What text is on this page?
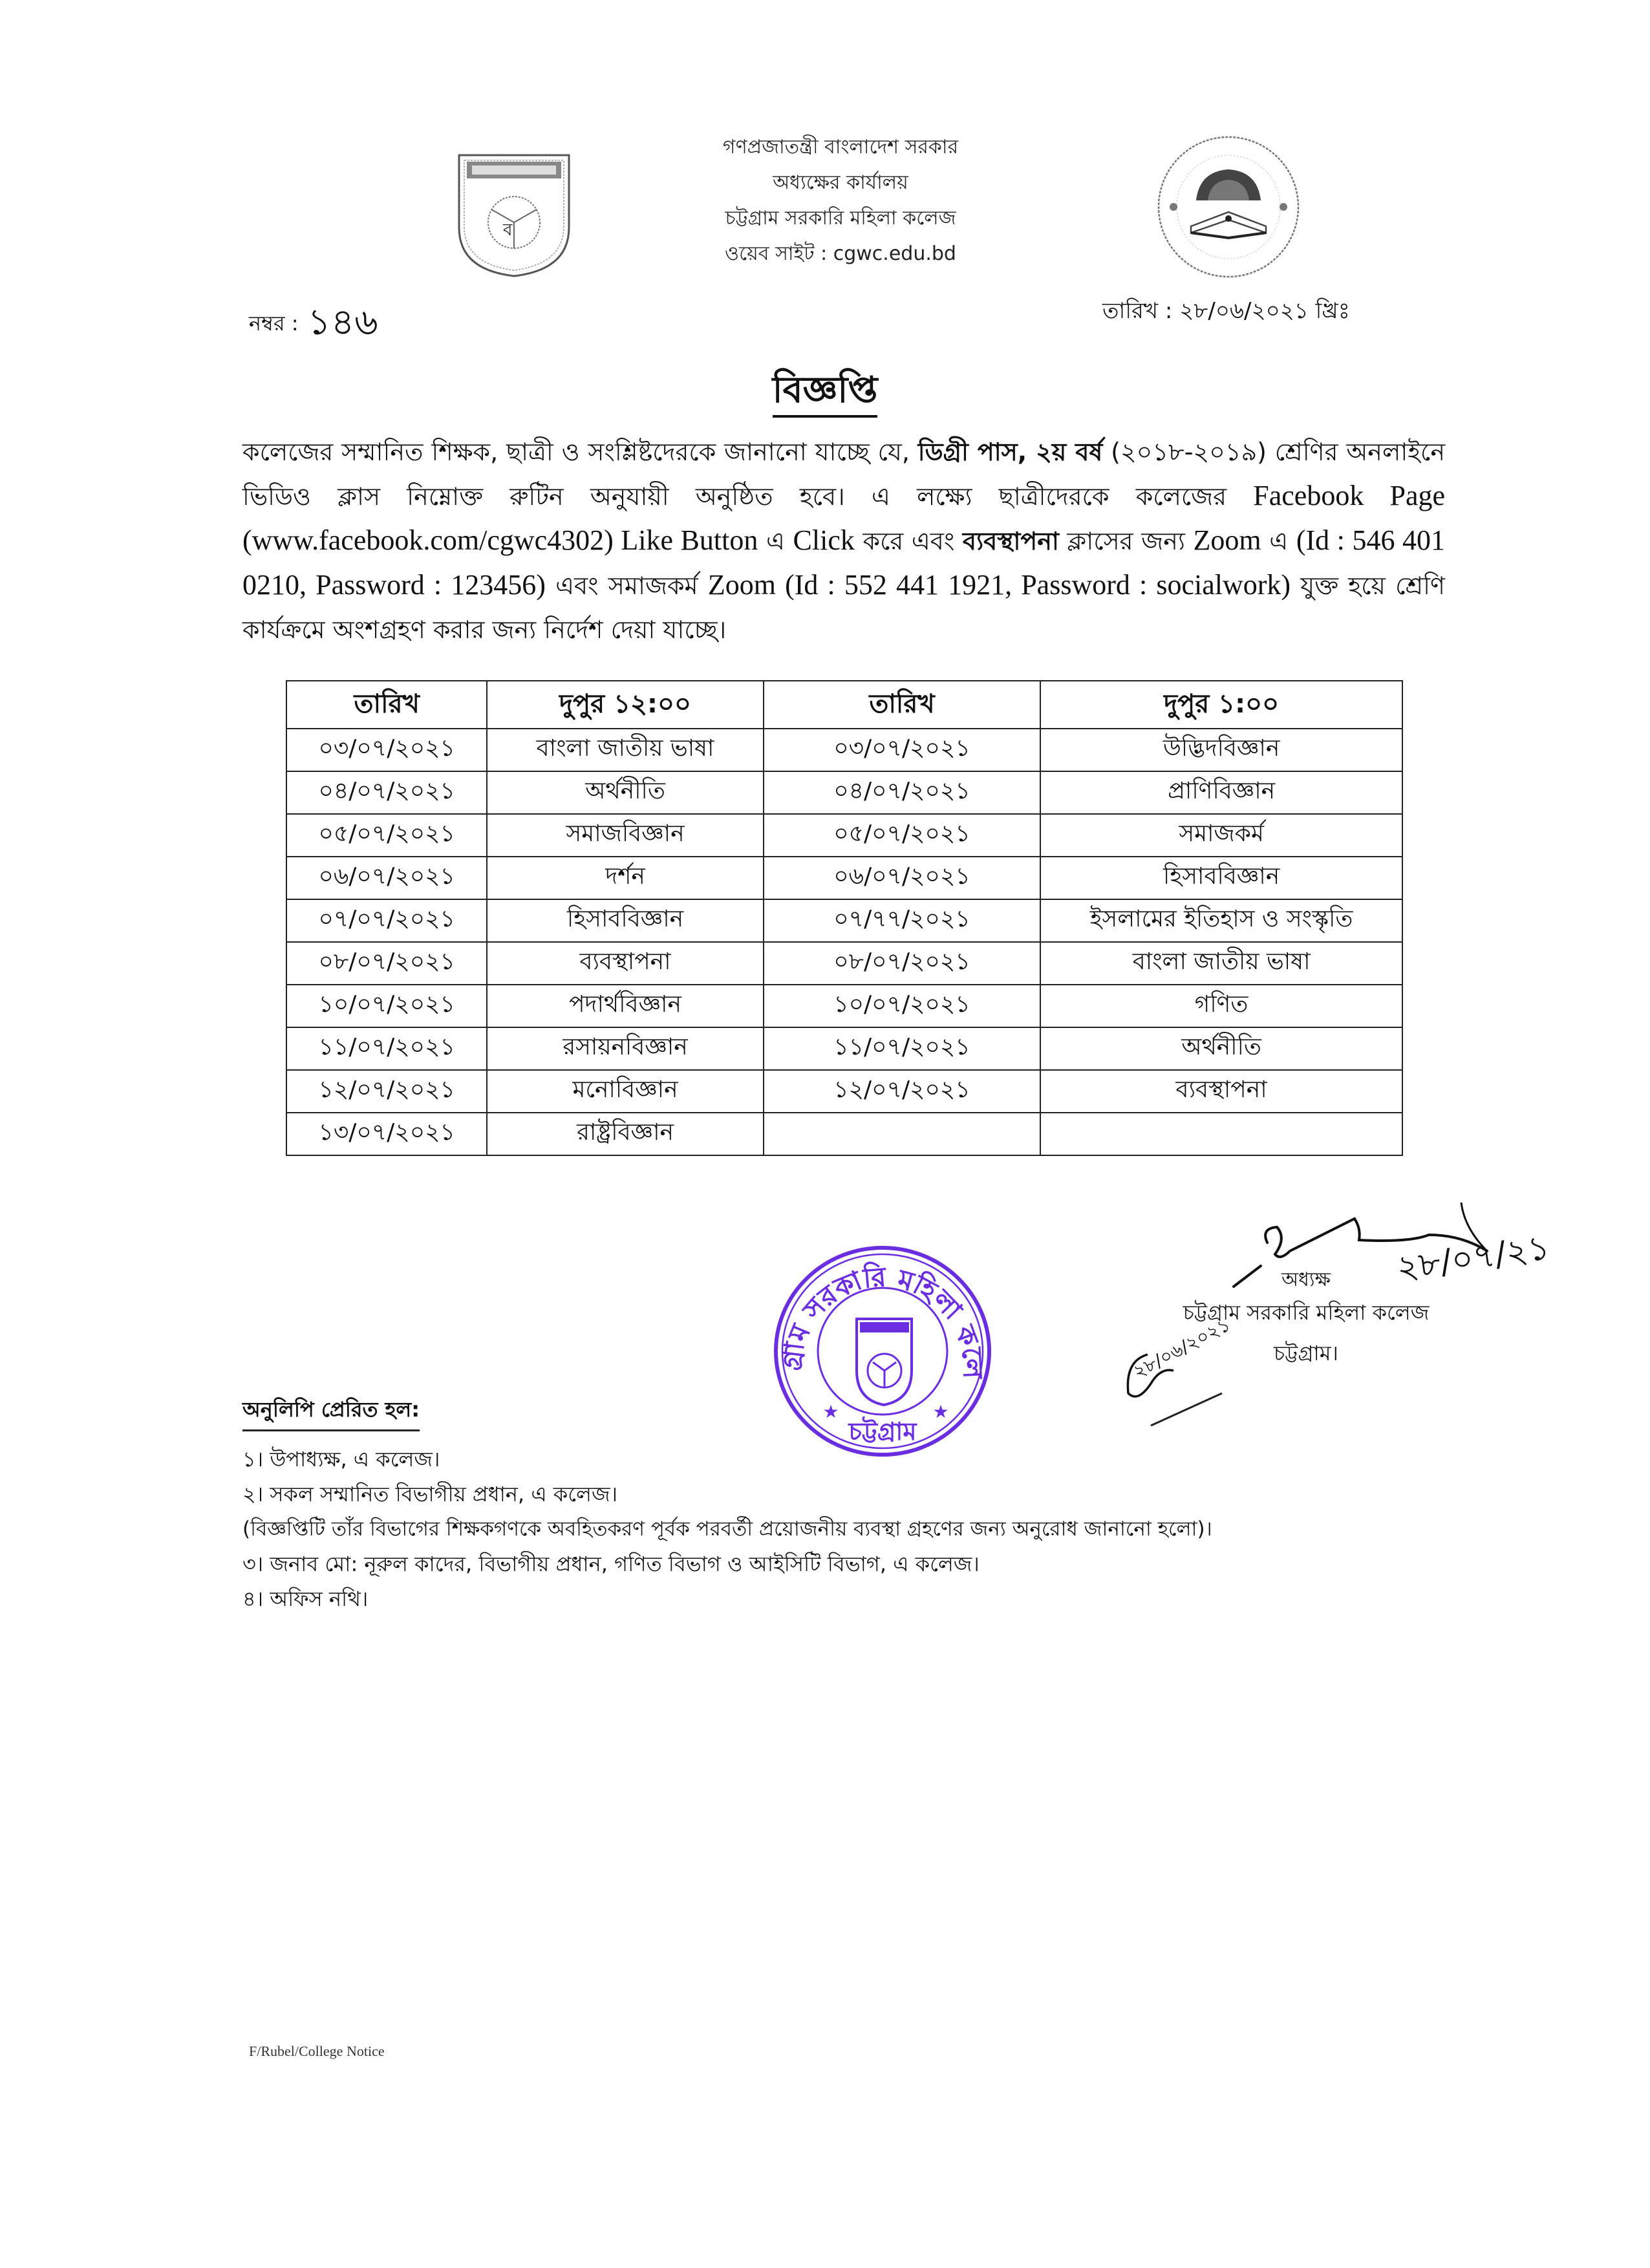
ব
গণপ্রজাতন্ত্রী বাংলাদেশ সরকার
অধ্যক্ষের কার্যালয়
চট্টগ্রাম সরকারি মহিলা কলেজ
ওয়েব সাইট : cgwc.edu.bd
নম্বর : ১৪৬	তারিখ : ২৮/০৬/২০২১ খ্রিঃ
বিজ্ঞপ্তি
কলেজের সম্মানিত শিক্ষক, ছাত্রী ও সংশ্লিষ্টদেরকে জানানো যাচ্ছে যে, ডিগ্রী পাস, ২য় বর্ষ (২০১৮-২০১৯) শ্রেণির অনলাইনে ভিডিও ক্লাস নিম্নোক্ত রুটিন অনুযায়ী অনুষ্ঠিত হবে। এ লক্ষ্যে ছাত্রীদেরকে কলেজের Facebook Page (www.facebook.com/cgwc4302) Like Button এ Click করে এবং ব্যবস্থাপনা ক্লাসের জন্য Zoom এ (Id : 546 401 0210, Password : 123456) এবং সমাজকর্ম Zoom (Id : 552 441 1921, Password : socialwork) যুক্ত হয়ে শ্রেণি কার্যক্রমে অংশগ্রহণ করার জন্য নির্দেশ দেয়া যাচ্ছে।
তারিখ	দুপুর ১২:০০	তারিখ	দুপুর ১:০০
০৩/০৭/২০২১	বাংলা জাতীয় ভাষা	০৩/০৭/২০২১	উদ্ভিদবিজ্ঞান
০৪/০৭/২০২১	অর্থনীতি	০৪/০৭/২০২১	প্রাণিবিজ্ঞান
০৫/০৭/২০২১	সমাজবিজ্ঞান	০৫/০৭/২০২১	সমাজকর্ম
০৬/০৭/২০২১	দর্শন	০৬/০৭/২০২১	হিসাববিজ্ঞান
০৭/০৭/২০২১	হিসাববিজ্ঞান	০৭/৭৭/২০২১	ইসলামের ইতিহাস ও সংস্কৃতি
০৮/০৭/২০২১	ব্যবস্থাপনা	০৮/০৭/২০২১	বাংলা জাতীয় ভাষা
১০/০৭/২০২১	পদার্থবিজ্ঞান	১০/০৭/২০২১	গণিত
১১/০৭/২০২১	রসায়নবিজ্ঞান	১১/০৭/২০২১	অর্থনীতি
১২/০৭/২০২১	মনোবিজ্ঞান	১২/০৭/২০২১	ব্যবস্থাপনা
১৩/০৭/২০২১	রাষ্ট্রবিজ্ঞান		
গ্রাম সরকারি মহিলা কলে
চট্টগ্রাম
★	★
২৮/০৭/২১
অধ্যক্ষ
চট্টগ্রাম সরকারি মহিলা কলেজ
চট্টগ্রাম।
২৮/০৬/২০২১
অনুলিপি প্রেরিত হল:
১। উপাধ্যক্ষ, এ কলেজ।
২। সকল সম্মানিত বিভাগীয় প্রধান, এ কলেজ।
(বিজ্ঞপ্তিটি তাঁর বিভাগের শিক্ষকগণকে অবহিতকরণ পূর্বক পরবর্তী প্রয়োজনীয় ব্যবস্থা গ্রহণের জন্য অনুরোধ জানানো হলো)।
৩। জনাব মো: নূরুল কাদের, বিভাগীয় প্রধান, গণিত বিভাগ ও আইসিটি বিভাগ, এ কলেজ।
৪। অফিস নথি।
F/Rubel/College Notice
